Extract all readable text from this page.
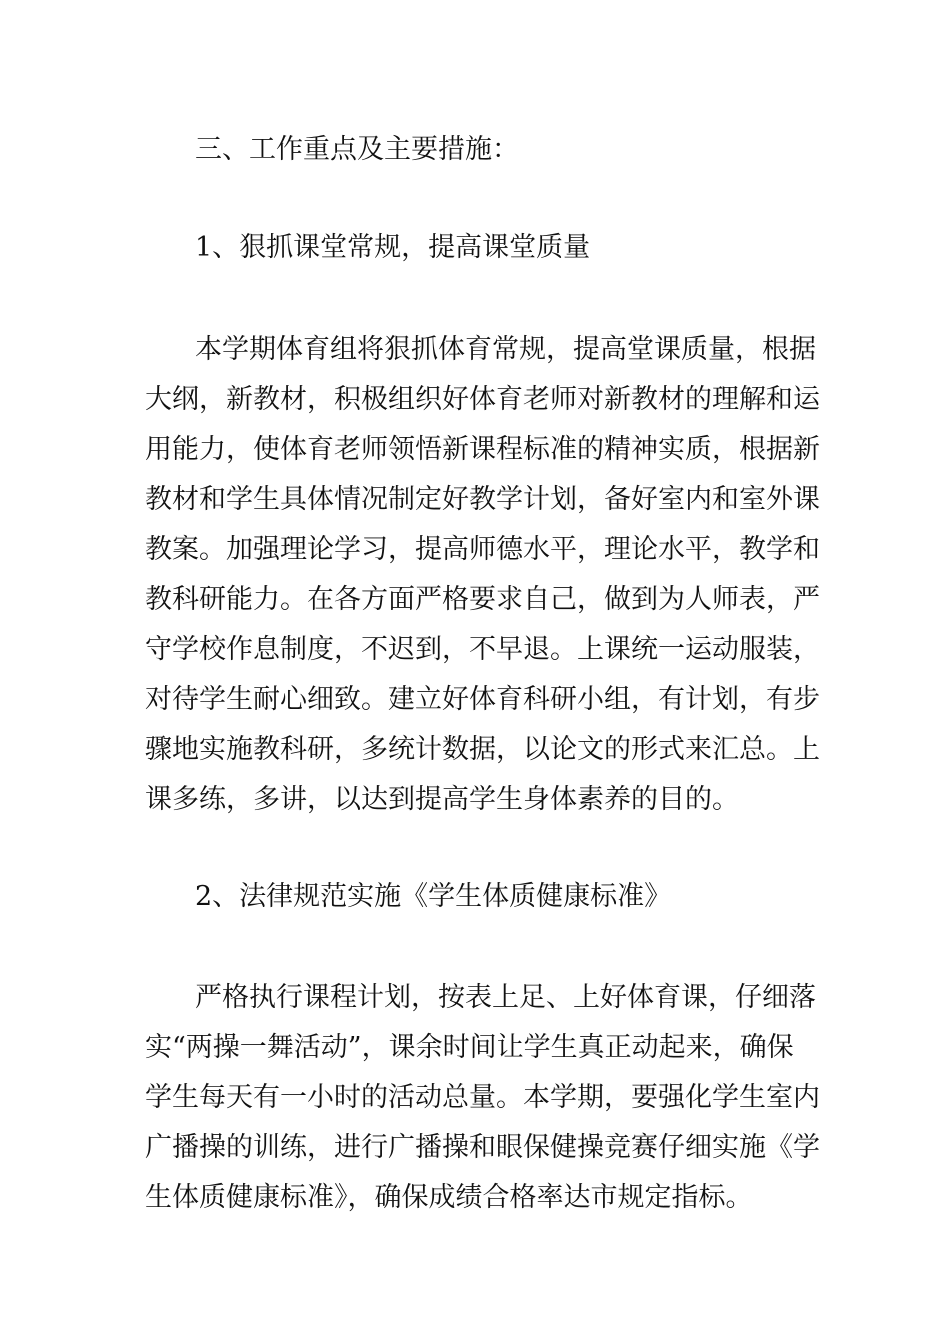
三、工作重点及主要措施：
1、狠抓课堂常规，提高课堂质量
本学期体育组将狠抓体育常规，提高堂课质量，根据
大纲，新教材，积极组织好体育老师对新教材的理解和运
用能力，使体育老师领悟新课程标准的精神实质，根据新
教材和学生具体情况制定好教学计划，备好室内和室外课
教案。加强理论学习，提高师德水平，理论水平，教学和
教科研能力。在各方面严格要求自己，做到为人师表，严
守学校作息制度，不迟到，不早退。上课统一运动服装，
对待学生耐心细致。建立好体育科研小组，有计划，有步
骤地实施教科研，多统计数据，以论文的形式来汇总。上
课多练，多讲，以达到提高学生身体素养的目的。
2、法律规范实施《学生体质健康标准》
严格执行课程计划，按表上足、上好体育课，仔细落
实“两操一舞活动”，课余时间让学生真正动起来，确保
学生每天有一小时的活动总量。本学期，要强化学生室内
广播操的训练，进行广播操和眼保健操竞赛仔细实施《学
生体质健康标准》，确保成绩合格率达市规定指标。
